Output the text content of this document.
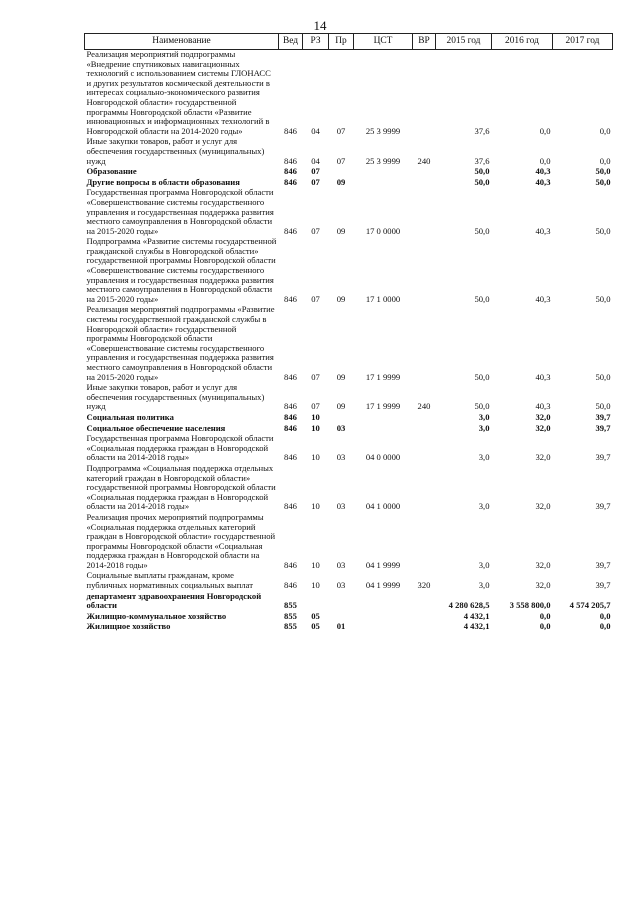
14
Наименование	Вед	РЗ	Пр	ЦСТ	ВР	2015 год	2016 год	2017 год
Реализация мероприятий подпрограммы «Внедрение спутниковых навигационных технологий с использованием системы ГЛОНАСС и других результатов космической деятельности в интересах социально-экономического развития Новгородской области» государственной программы Новгородской области «Развитие инновационных и информационных технологий в Новгородской области на 2014-2020 годы»	846	04	07	25 3 9999		37,6	0,0	0,0
Иные закупки товаров, работ и услуг для обеспечения государственных (муниципальных) нужд	846	04	07	25 3 9999	240	37,6	0,0	0,0
Образование	846	07				50,0	40,3	50,0
Другие вопросы в области образования	846	07	09			50,0	40,3	50,0
Государственная программа Новгородской области «Совершенствование системы государственного управления и государственная поддержка развития местного самоуправления в Новгородской области на 2015-2020 годы»	846	07	09	17 0 0000		50,0	40,3	50,0
Подпрограмма «Развитие системы государственной гражданской службы в Новгородской области» государственной программы Новгородской области «Совершенствование системы государственного управления и государственная поддержка развития местного самоуправления в Новгородской области на 2015-2020 годы»	846	07	09	17 1 0000		50,0	40,3	50,0
Реализация мероприятий подпрограммы «Развитие системы государственной гражданской службы в Новгородской области» государственной программы Новгородской области «Совершенствование системы государственного управления и государственная поддержка развития местного самоуправления в Новгородской области на 2015-2020 годы»	846	07	09	17 1 9999		50,0	40,3	50,0
Иные закупки товаров, работ и услуг для обеспечения государственных (муниципальных) нужд	846	07	09	17 1 9999	240	50,0	40,3	50,0
Социальная политика	846	10				3,0	32,0	39,7
Социальное обеспечение населения	846	10	03			3,0	32,0	39,7
Государственная программа Новгородской области «Социальная поддержка граждан в Новгородской области на 2014-2018 годы»	846	10	03	04 0 0000		3,0	32,0	39,7
Подпрограмма «Социальная поддержка отдельных категорий граждан в Новгородской области» государственной программы Новгородской области «Социальная поддержка граждан в Новгородской области на 2014-2018 годы»	846	10	03	04 1 0000		3,0	32,0	39,7
Реализация прочих мероприятий подпрограммы «Социальная поддержка отдельных категорий граждан в Новгородской области» государственной программы Новгородской области «Социальная поддержка граждан в Новгородской области на 2014-2018 годы»	846	10	03	04 1 9999		3,0	32,0	39,7
Социальные выплаты гражданам, кроме публичных нормативных социальных выплат	846	10	03	04 1 9999	320	3,0	32,0	39,7
департамент здравоохранения Новгородской области	855					4 280 628,5	3 558 800,0	4 574 205,7
Жилищно-коммунальное хозяйство	855	05				4 432,1	0,0	0,0
Жилищное хозяйство	855	05	01			4 432,1	0,0	0,0
